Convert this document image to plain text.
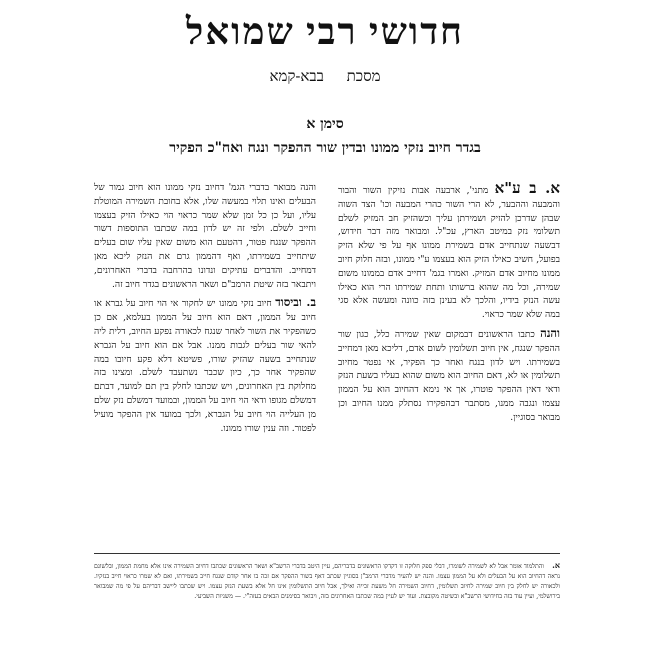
חדושי רבי שמואל
מסכת בבא-קמא
סימן א
בגדר חיוב נזקי ממונו ובדין שור ההפקר ונגח ואח"כ הפקיר

א. ב ע"א מתני', ארבעה אבות נזיקין השור והבור והמבעה וההבער, לא הרי השור כהרי המבעה וכו' הצד השוה שבהן שדרכן להזיק ושמירתן עליך וכשהזיק חב המזיק לשלם תשלומי נזק במיטב הארץ, עכ"ל. ומבואר מזה דבר חידוש, דבשעה שנתחייב אדם בשמירת ממונו אף על פי שלא הזיק בפועל, חשיב כאילו הזיק הוא בעצמו ע"י ממונו, ובזה חלוק חיוב ממונו מחיוב אדם המזיק. ואמרו בגמ' דחייב אדם בממונו משום שמירה, וכל מה שהוא ברשותו ותחת שמירתו הרי הוא כאילו עשה הנזק בידיו, והלכך לא בעינן בזה כוונה ומעשה אלא סגי במה שלא שמר כראוי.

והנה כתבו הראשונים דבמקום שאין שמירה כלל, כגון שור ההפקר שנגח, אין חיוב תשלומין לשום אדם, דליכא מאן דמחייב בשמירתו. ויש לדון בנגח ואחר כך הפקיר, אי נפטר מחיוב תשלומין או לא, דאם החיוב הוא משום שהוא בעליו בשעת הנזק ודאי דאין ההפקר פוטרו, אך אי נימא דהחיוב הוא על הממון עצמו ונגבה ממנו, מסתבר דבהפקירו נסתלק ממנו החיוב וכן מבואר בסוגיין.

והנה מבואר בדברי הגמ' דחיוב נזקי ממונו הוא חיוב גמור של הבעלים ואינו תלוי במעשה שלו, אלא בחובת השמירה המוטלת עליו, ועל כן כל זמן שלא שמר כראוי הוי כאילו הזיק בעצמו וחייב לשלם. ולפי זה יש לדון במה שכתבו התוספות דשור ההפקר שנגח פטור, דהטעם הוא משום שאין עליו שום בעלים שיתחייב בשמירתו, ואף דהממון גרם את הנזק ליכא מאן דמחייב. והדברים עתיקים ונדונו בהרחבה בדברי האחרונים, ויתבאר בזה שיטת הרמב"ם ושאר הראשונים בגדר חיוב זה.

ב. וביסוד חיוב נזקי ממונו יש לחקור אי הוי חיוב על גברא או חיוב על הממון, דאם הוא חיוב על הממון בעלמא, אם כן כשהפקיר את השור לאחר שנגח לכאורה נפקע החיוב, דלית ליה להאי שור בעלים לגבות ממנו. אבל אם הוא חיוב על הגברא שנתחייב בשעה שהזיק שורו, פשיטא דלא פקע חיובו במה שהפקיר אחר כך, כיון שכבר נשתעבד לשלם. ומצינו בזה מחלוקת בין האחרונים, ויש שכתבו לחלק בין תם למועד, דבתם דמשלם מגופו ודאי הוי חיוב על הממון, ובמועד דמשלם נזק שלם מן העלייה הוי חיוב על הגברא, ולכך במועד אין ההפקר מועיל לפטור. וזה ענין שורו ממונו.

א. והתלמוד אומר אבל לא לשמירה לשומרו, דבלי ספק חלוקה זו דקדקו הראשונים בדבריהם, עיין היטב בדברי הרשב"א ושאר הראשונים שכתבו דחיוב השמירה אינו אלא מחמת הממון, ובלשונם נראה דהחיוב הוא על הבעלים ולא על הממון עצמו. והנה יש להעיר מדברי הרמב"ן בסוגיין שכתב דאף בשור ההפקר אם זכה בו אחר קודם שנגח חייב בשמירתו, ואם לא שמרו כראוי חייב בנזקיו. ולכאורה יש לחלק בין חיוב שמירה לחיוב תשלומין, דחיוב השמירה חל משעת זכייה ואילך, אבל חיוב התשלומין אינו חל אלא בשעת הנזק עצמו. ויש שכתבו ליישב דבריהם על פי מה שמבואר בירושלמי, ועיין עוד בזה בחידושי הרשב"א ובשיטה מקובצת. ועוד יש לעיין במה שכתבו האחרונים בזה, ויבואר בסימנים הבאים בעזה"י. — משניות השביעי.
